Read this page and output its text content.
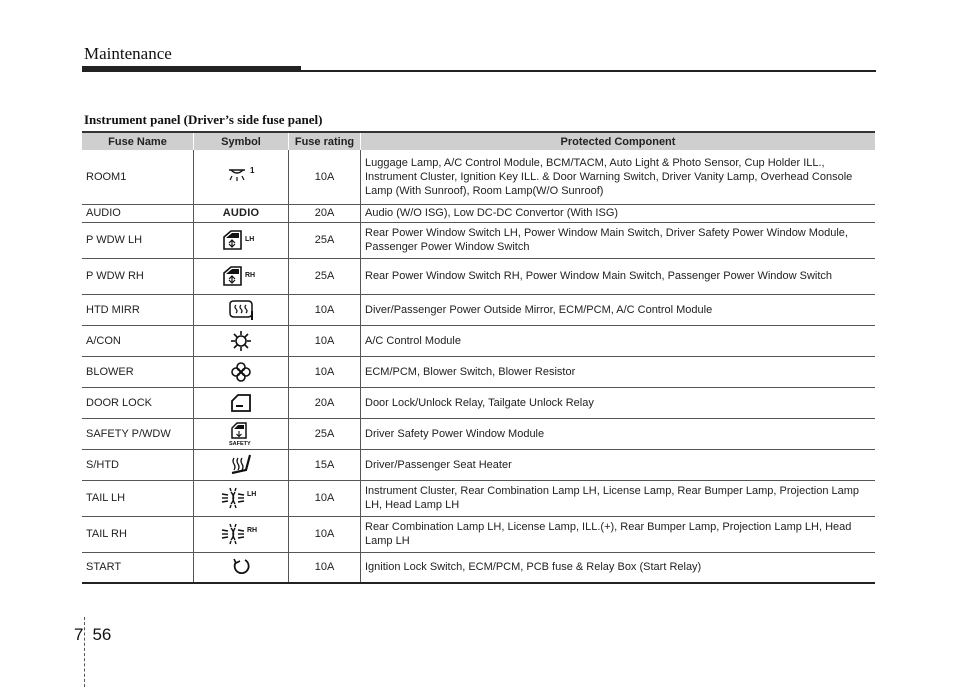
Maintenance
Instrument panel (Driver’s side fuse panel)
Fuse Name	Symbol	Fuse rating	Protected Component
ROOM1	1	10A	Luggage Lamp, A/C Control Module, BCM/TACM, Auto Light & Photo Sensor, Cup Holder ILL., Instrument Cluster, Ignition Key ILL. & Door Warning Switch, Driver Vanity Lamp, Overhead Console Lamp (With Sunroof), Room Lamp(W/O Sunroof)
AUDIO	AUDIO	20A	Audio (W/O ISG), Low DC-DC Convertor (With ISG)
P WDW LH	LH	25A	Rear Power Window Switch LH, Power Window Main Switch, Driver Safety Power Window Module, Passenger Power Window Switch
P WDW RH	RH	25A	Rear Power Window Switch RH, Power Window Main Switch, Passenger Power Window Switch
HTD MIRR		10A	Diver/Passenger Power Outside Mirror, ECM/PCM, A/C Control Module
A/CON		10A	A/C Control Module
BLOWER		10A	ECM/PCM, Blower Switch, Blower Resistor
DOOR LOCK		20A	Door Lock/Unlock Relay, Tailgate Unlock Relay
SAFETY P/WDW	SAFETY	25A	Driver Safety Power Window Module
S/HTD		15A	Driver/Passenger Seat Heater
TAIL LH	LH	10A	Instrument Cluster, Rear Combination Lamp LH, License Lamp, Rear Bumper Lamp, Projection Lamp LH, Head Lamp LH
TAIL RH	RH	10A	Rear Combination Lamp LH, License Lamp, ILL.(+), Rear Bumper Lamp, Projection Lamp LH, Head Lamp LH
START		10A	Ignition Lock Switch, ECM/PCM, PCB fuse & Relay Box (Start Relay)
7 56
